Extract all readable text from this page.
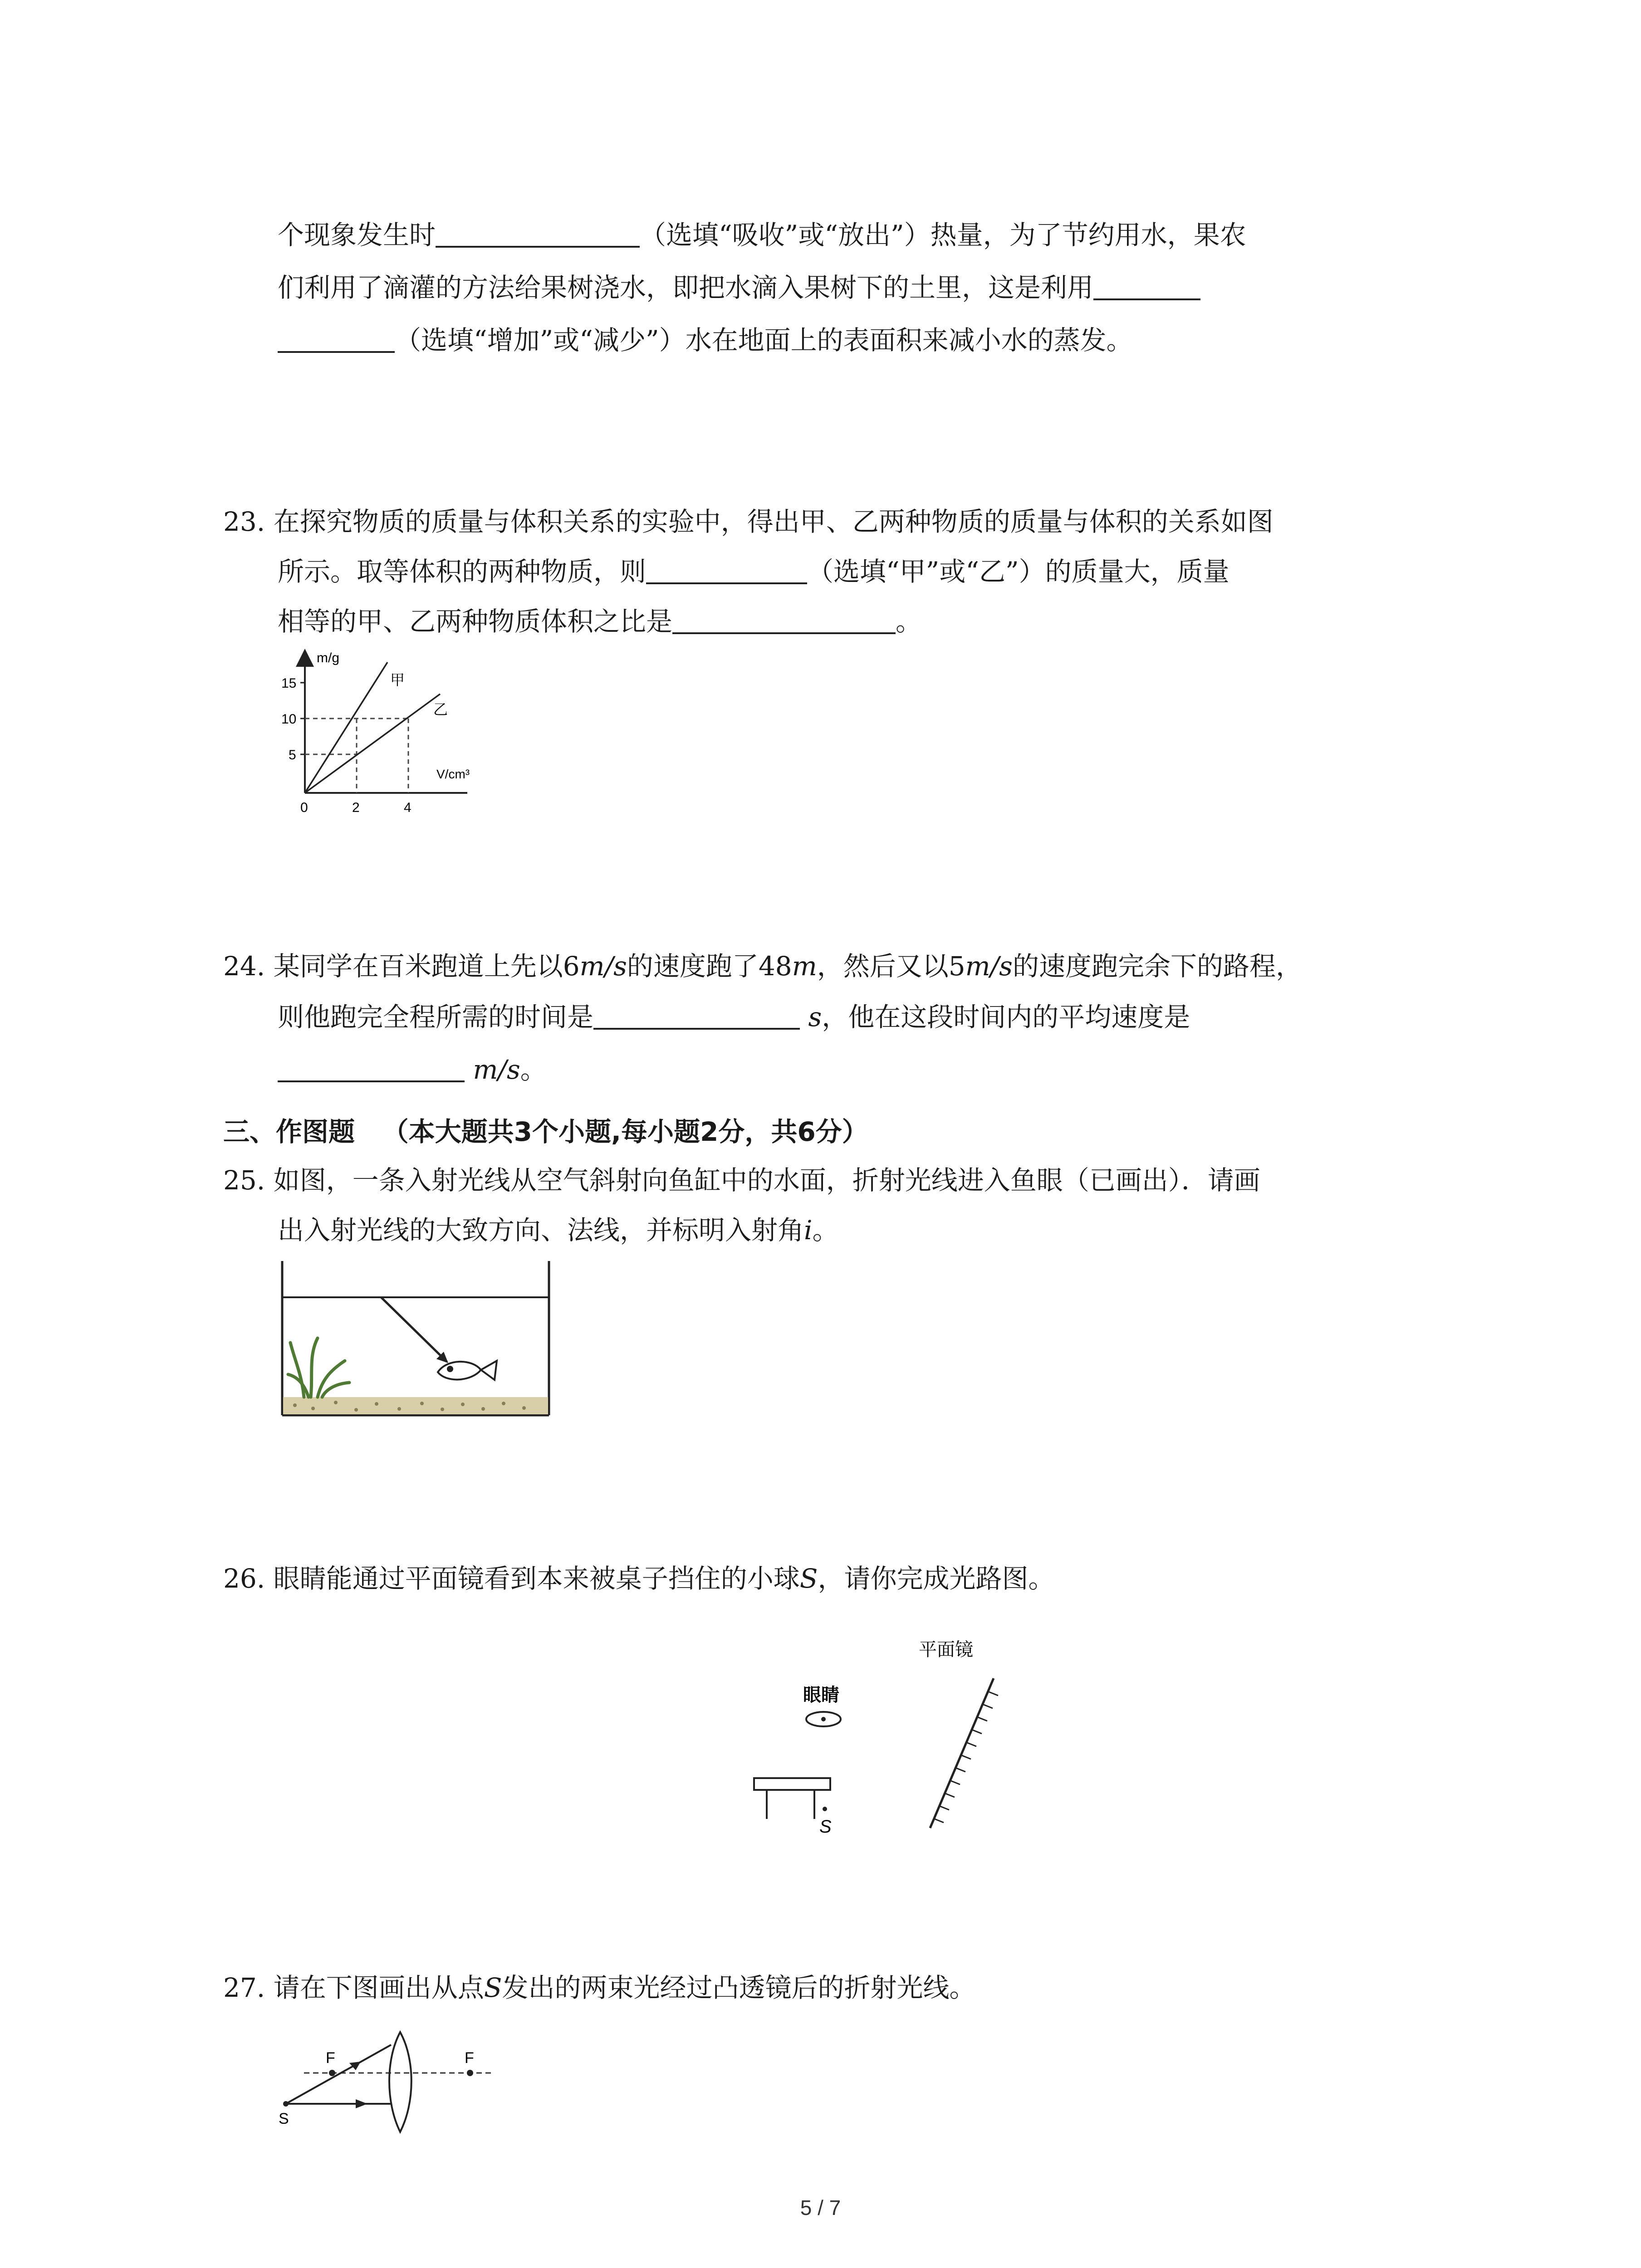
个现象发生时	（选填“吸收”或“放出”）热量，为了节约用水，果农
们利用了滴灌的方法给果树浇水，即把水滴入果树下的土里，这是利用
（选填“增加”或“减少”）水在地面上的表面积来减小水的蒸发。
23. 在探究物质的质量与体积关系的实验中，得出甲、乙两种物质的质量与体积的关系如图
所示。取等体积的两种物质，则	（选填“甲”或“乙”）的质量大，质量
相等的甲、乙两种物质体积之比是	。
m/g
V/cm³
15
10
5
0	2	4
甲
乙
24. 某同学在百米跑道上先以6m/s的速度跑了48m，然后又以5m/s的速度跑完余下的路程，
则他跑完全程所需的时间是	s，他在这段时间内的平均速度是
m/s。
三、作图题 （本大题共3个小题,每小题2分，共6分）
25. 如图，一条入射光线从空气斜射向鱼缸中的水面，折射光线进入鱼眼（已画出）．请画
出入射光线的大致方向、法线，并标明入射角i。
26. 眼睛能通过平面镜看到本来被桌子挡住的小球S，请你完成光路图。
平面镜
眼睛
S
27. 请在下图画出从点S发出的两束光经过凸透镜后的折射光线。
F	F
S
5 / 7
